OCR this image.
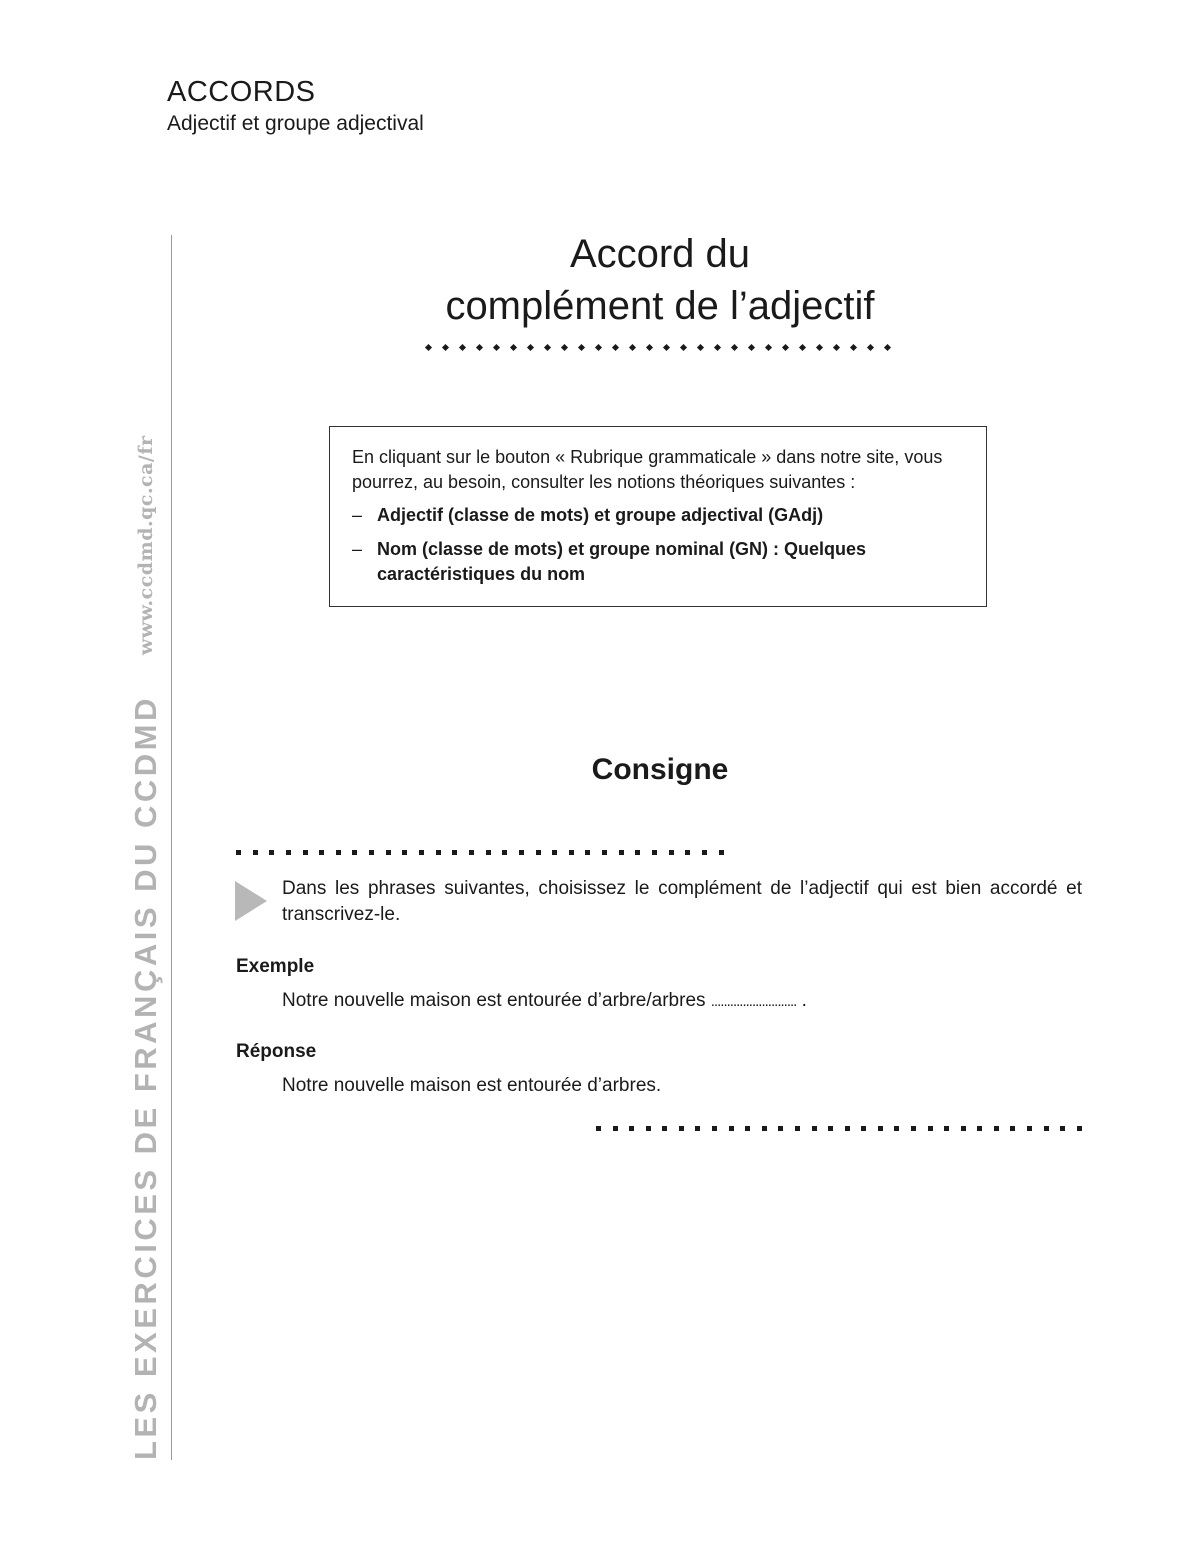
ACCORDS
Adjectif et groupe adjectival
LES EXERCICES DE FRANÇAIS DU CCDMD
www.ccdmd.qc.ca/fr
Accord du
complément de l’adjectif

En cliquant sur le bouton « Rubrique grammaticale » dans notre site, vous pourrez, au besoin, consulter les notions théoriques suivantes :

– Adjectif (classe de mots) et groupe adjectival (GAdj)
– Nom (classe de mots) et groupe nominal (GN) : Quelques caractéristiques du nom
Consigne

Dans les phrases suivantes, choisissez le complément de l’adjectif qui est bien accordé et transcrivez-le.

Exemple
Notre nouvelle maison est entourée d’arbre/arbres ........................... .
Réponse
Notre nouvelle maison est entourée d’arbres.
